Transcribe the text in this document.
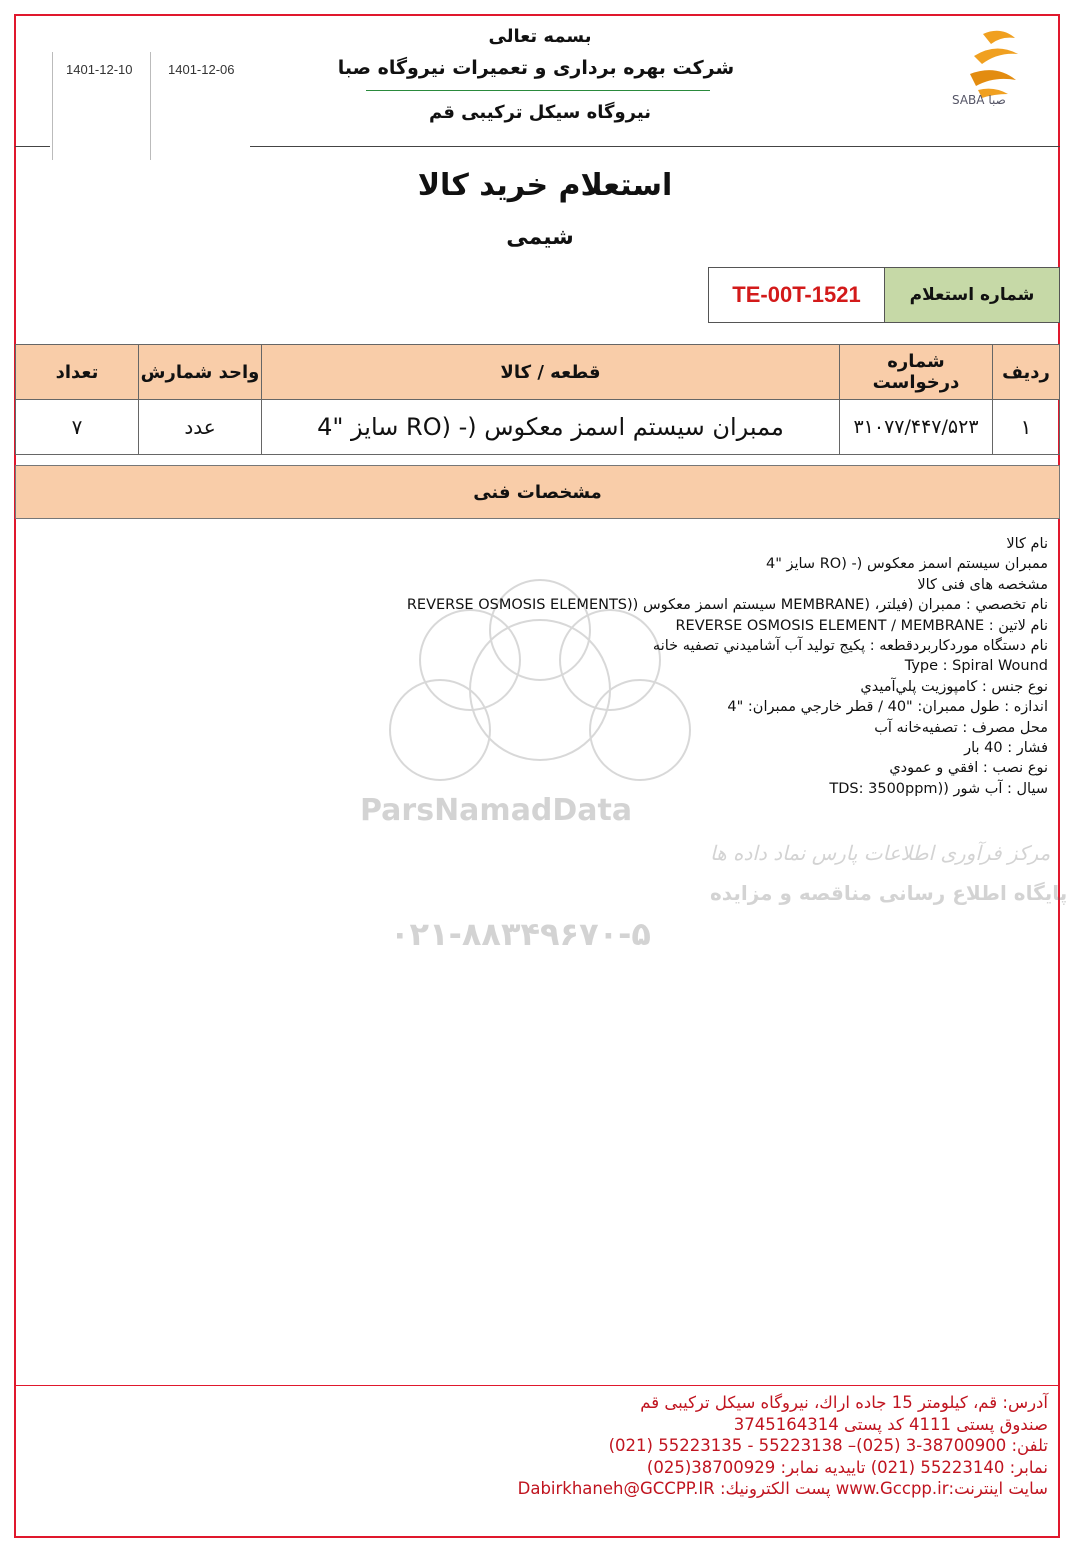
SABA صبا
بسمه تعالی
شرکت بهره برداری و تعمیرات نیروگاه صبا
نیروگاه سیکل ترکیبی قم
1401-12-10	1401-12-06
استعلام خرید کالا
شیمی
شماره استعلام
TE-00T-1521
ردیف	شماره درخواست	قطعه / کالا	واحد شمارش	تعداد
۱	۳۱۰۷۷/۴۴۷/۵۲۳	ممبران سیستم اسمز معکوس (- (RO سایز "4	عدد	۷
مشخصات فنی
ParsNamadData
مرکز فرآوری اطلاعات پارس نماد داده ها
پایگاه اطلاع رسانی مناقصه و مزایده
۰۲۱-۸۸۳۴۹۶۷۰-۵
نام کالا
ممبران سیستم اسمز معکوس (- (RO سایز "4
مشخصه های فنی کالا
نام تخصصي : ممبران (فیلتر، (MEMBRANE سیستم اسمز معکوس ((REVERSE OSMOSIS ELEMENTS
نام لاتین : REVERSE OSMOSIS ELEMENT / MEMBRANE
نام دستگاه موردکاربردقطعه : پکیج تولید آب آشامیدني تصفیه خانه
Type : Spiral Wound
نوع جنس : کامپوزیت پلي‌آمیدي
اندازه : طول ممبران: "40 / قطر خارجي ممبران: "4
محل مصرف : تصفیه‌خانه آب
فشار : 40 بار
نوع نصب : افقي و عمودي
سیال : آب شور ((TDS: 3500ppm
آدرس: قم، کیلومتر 15 جاده اراك، نیروگاه سیکل ترکیبی قم
صندوق پستی 4111 کد پستی 3745164314
تلفن: 38700900-3 (025)– 55223138 - 55223135 (021)
نمابر: 55223140 (021) تاییدیه نمابر: 38700929(025)
سایت اینترنت:www.Gccpp.ir پست الکترونیك: Dabirkhaneh@GCCPP.IR
